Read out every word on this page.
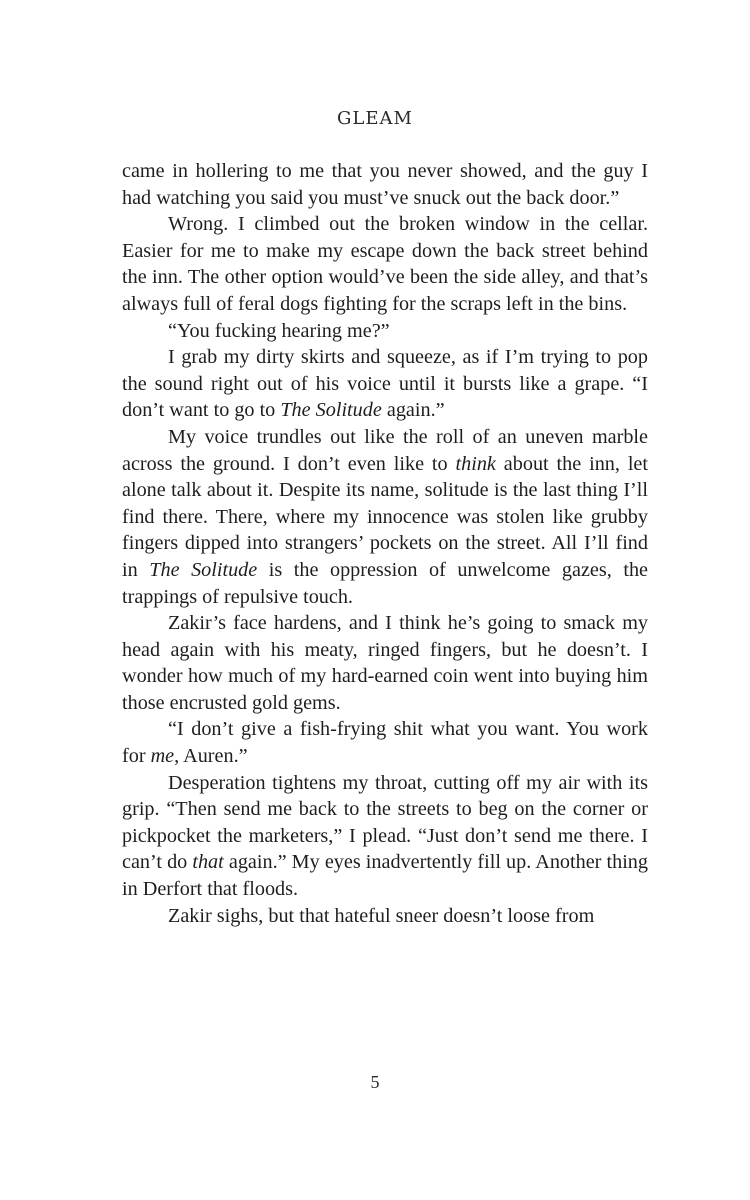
GLEAM

came in hollering to me that you never showed, and the guy I had watching you said you must’ve snuck out the back door.”

Wrong. I climbed out the broken window in the cellar. Easier for me to make my escape down the back street behind the inn. The other option would’ve been the side alley, and that’s always full of feral dogs fighting for the scraps left in the bins.

“You fucking hearing me?”

I grab my dirty skirts and squeeze, as if I’m trying to pop the sound right out of his voice until it bursts like a grape. “I don’t want to go to The Solitude again.”

My voice trundles out like the roll of an uneven marble across the ground. I don’t even like to think about the inn, let alone talk about it. Despite its name, solitude is the last thing I’ll find there. There, where my innocence was stolen like grubby fingers dipped into strangers’ pockets on the street. All I’ll find in The Solitude is the oppression of unwelcome gazes, the trappings of repulsive touch.

Zakir’s face hardens, and I think he’s going to smack my head again with his meaty, ringed fingers, but he doesn’t. I wonder how much of my hard-earned coin went into buying him those encrusted gold gems.

“I don’t give a fish-frying shit what you want. You work for me, Auren.”

Desperation tightens my throat, cutting off my air with its grip. “Then send me back to the streets to beg on the corner or pickpocket the marketers,” I plead. “Just don’t send me there. I can’t do that again.” My eyes inadvertently fill up. Another thing in Derfort that floods.

Zakir sighs, but that hateful sneer doesn’t loose from

5
